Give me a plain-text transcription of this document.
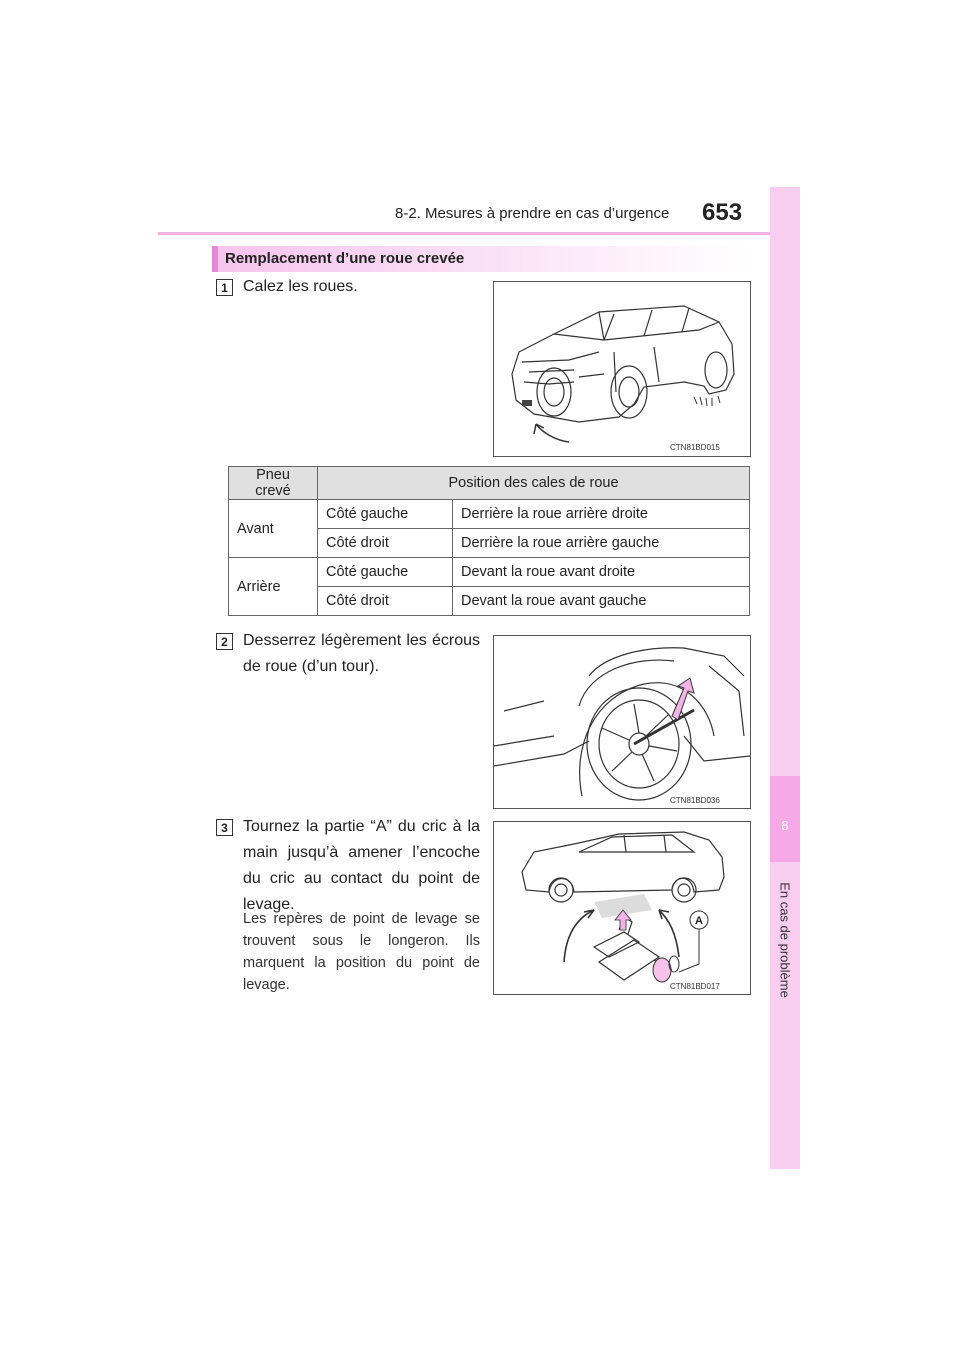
8-2. Mesures à prendre en cas d’urgence 653
8
En cas de problème
Remplacement d’une roue crevée
1 Calez les roues.
CTN81BD015
Pneu crevé	Position des cales de roue	
Avant	Côté gauche	Derrière la roue arrière droite
	Côté droit	Derrière la roue arrière gauche
Arrière	Côté gauche	Devant la roue avant droite
	Côté droit	Devant la roue avant gauche
2 Desserrez légèrement les écrous de roue (d’un tour).
CTN81BD036
3 Tournez la partie “A” du cric à la main jusqu’à amener l’encoche du cric au contact du point de levage.
Les repères de point de levage se trouvent sous le longeron. Ils marquent la position du point de levage.
A
CTN81BD017
